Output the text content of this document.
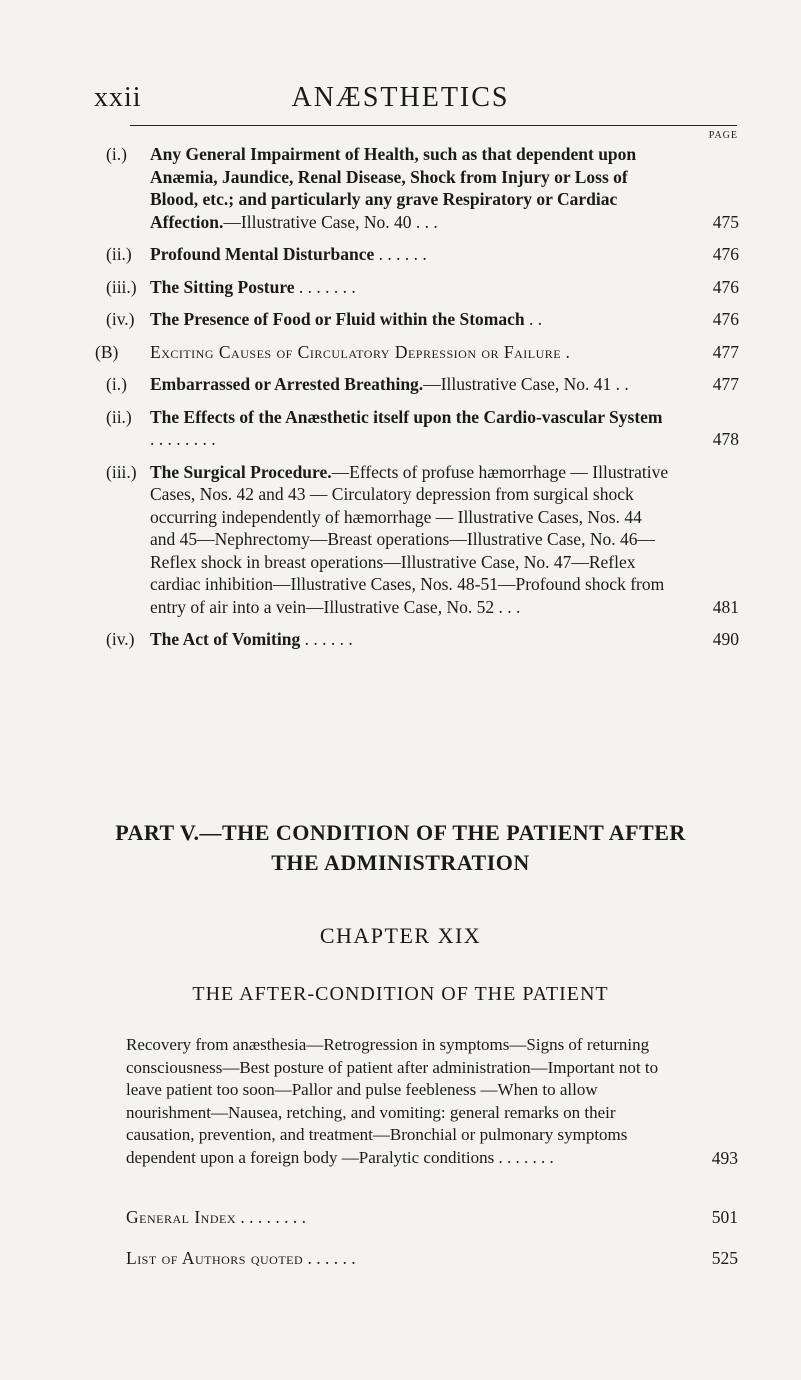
ANÆSTHETICS
xxii
PAGE
(i.) Any General Impairment of Health, such as that dependent upon Anæmia, Jaundice, Renal Disease, Shock from Injury or Loss of Blood, etc.; and particularly any grave Respiratory or Cardiac Affection.—Illustrative Case, No. 40 . . .	475
(ii.) Profound Mental Disturbance . . . . . .	476
(iii.) The Sitting Posture . . . . . . .	476
(iv.) The Presence of Food or Fluid within the Stomach . .	476
(B) Exciting Causes of Circulatory Depression or Failure .	477
(i.) Embarrassed or Arrested Breathing.—Illustrative Case, No. 41 . .	477
(ii.) The Effects of the Anæsthetic itself upon the Cardio-vascular System . . . . . . . .	478
(iii.) The Surgical Procedure.—Effects of profuse hæmorrhage — Illustrative Cases, Nos. 42 and 43 — Circulatory depression from surgical shock occurring independently of hæmorrhage — Illustrative Cases, Nos. 44 and 45—Nephrectomy—Breast operations—Illustrative Case, No. 46—Reflex shock in breast operations—Illustrative Case, No. 47—Reflex cardiac inhibition—Illustrative Cases, Nos. 48-51—Profound shock from entry of air into a vein—Illustrative Case, No. 52 . . .	481
(iv.) The Act of Vomiting . . . . . .	490
PART V.—THE CONDITION OF THE PATIENT AFTER
THE ADMINISTRATION
CHAPTER XIX
THE AFTER-CONDITION OF THE PATIENT
Recovery from anæsthesia—Retrogression in symptoms—Signs of returning consciousness—Best posture of patient after administration—Important not to leave patient too soon—Pallor and pulse feebleness —When to allow nourishment—Nausea, retching, and vomiting: general remarks on their causation, prevention, and treatment—Bronchial or pulmonary symptoms dependent upon a foreign body —Paralytic conditions . . . . . . .	493
General Index . . . . . . . .	501
List of Authors quoted . . . . . .	525
